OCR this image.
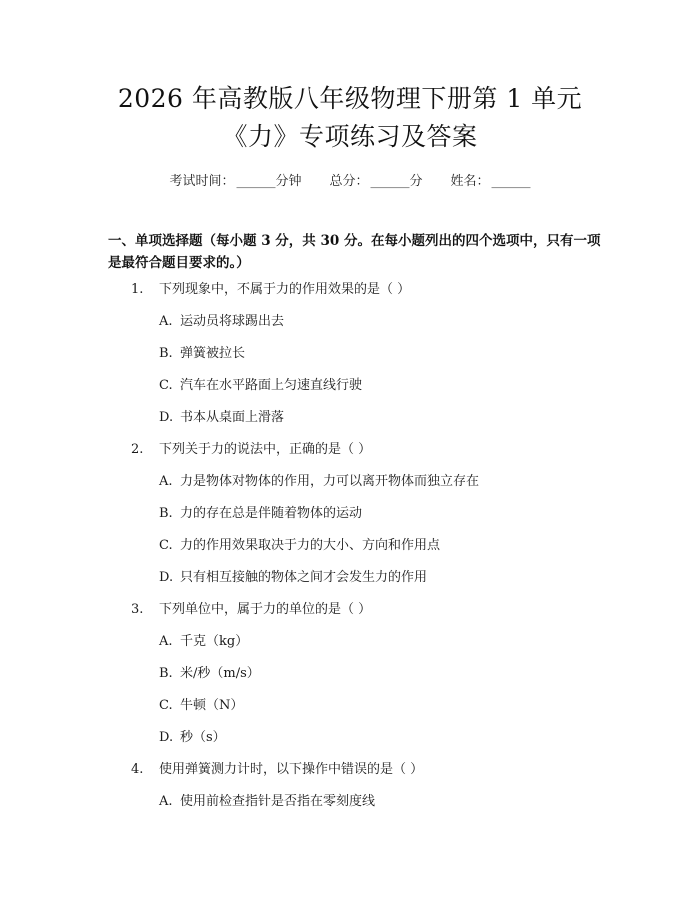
2026 年高教版八年级物理下册第 1 单元
《力》专项练习及答案
考试时间： ______分钟 总分： ______分 姓名： ______
一、单项选择题（每小题 3 分，共 30 分。在每小题列出的四个选项中，只有一项是最符合题目要求的。）
1. 下列现象中，不属于力的作用效果的是（ ）
A. 运动员将球踢出去
B. 弹簧被拉长
C. 汽车在水平路面上匀速直线行驶
D. 书本从桌面上滑落
2. 下列关于力的说法中，正确的是（ ）
A. 力是物体对物体的作用，力可以离开物体而独立存在
B. 力的存在总是伴随着物体的运动
C. 力的作用效果取决于力的大小、方向和作用点
D. 只有相互接触的物体之间才会发生力的作用
3. 下列单位中，属于力的单位的是（ ）
A. 千克（kg）
B. 米/秒（m/s）
C. 牛顿（N）
D. 秒（s）
4. 使用弹簧测力计时，以下操作中错误的是（ ）
A. 使用前检查指针是否指在零刻度线
